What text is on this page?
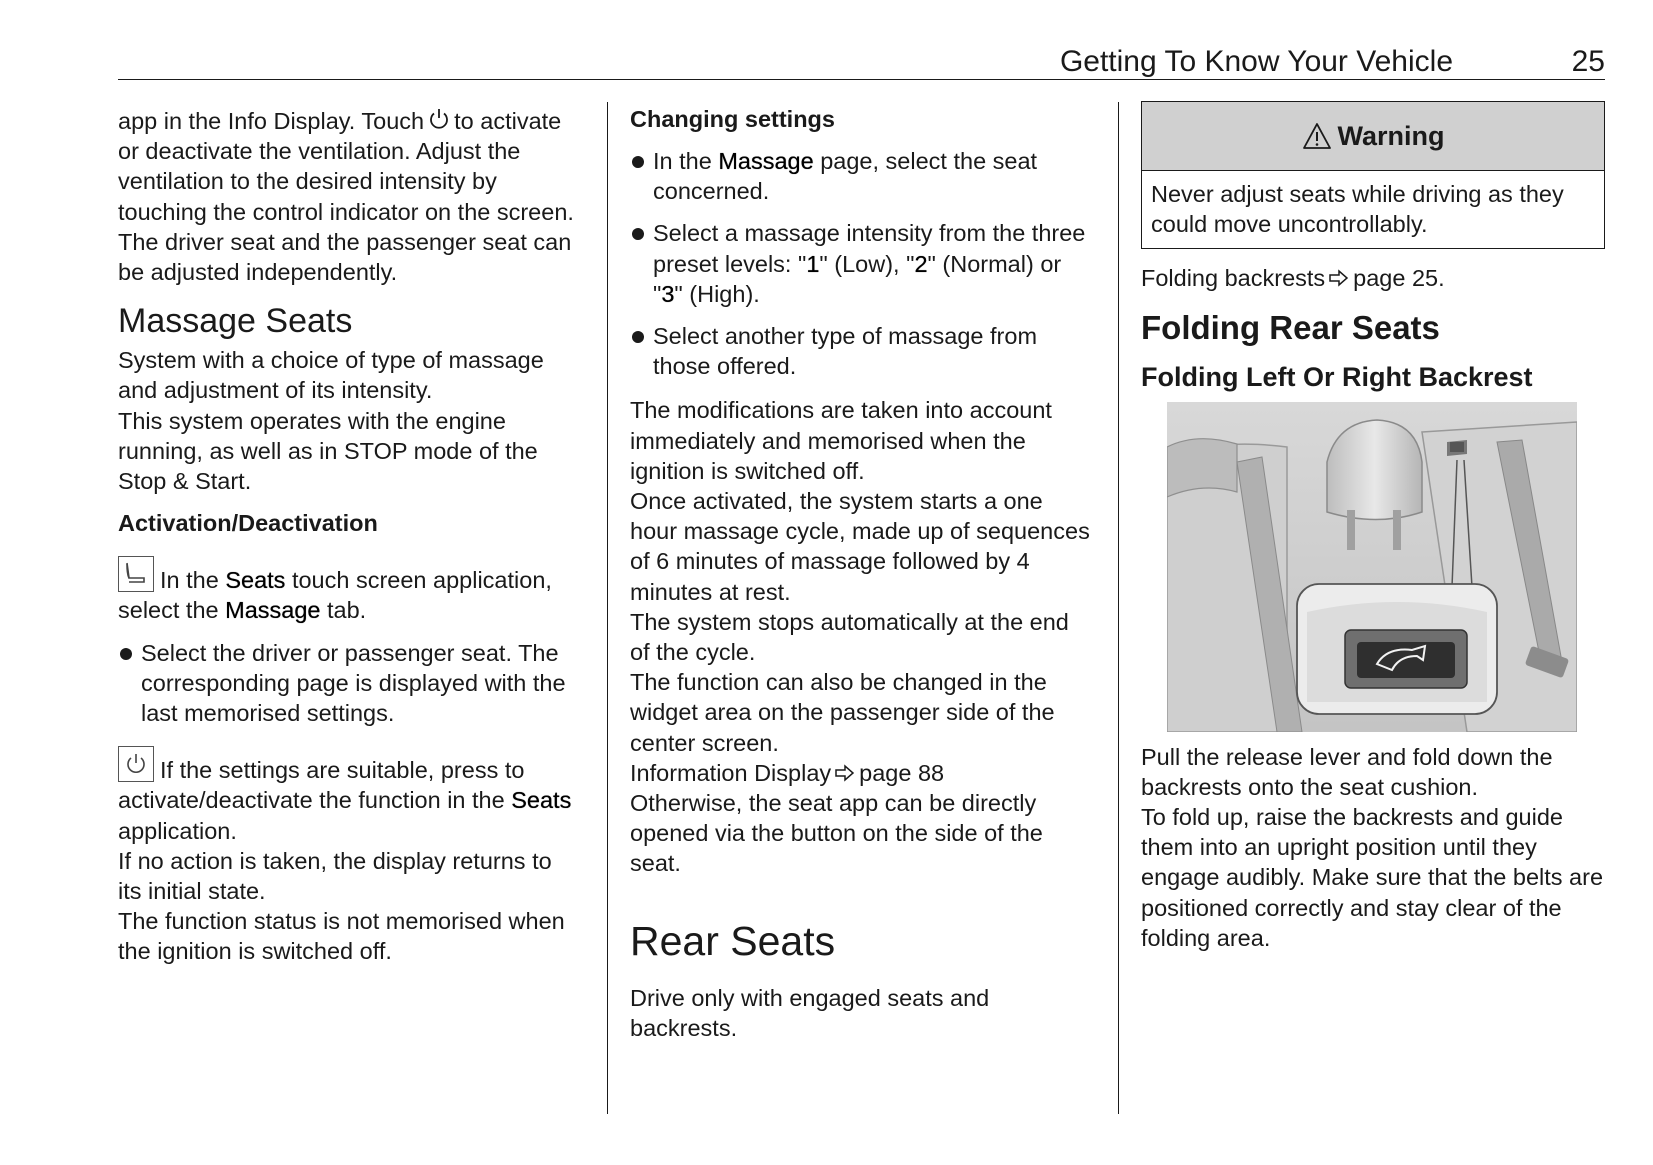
Getting To Know Your Vehicle	25

app in the Info Display. Touch to activate or deactivate the ventilation. Adjust the ventilation to the desired intensity by touching the control indicator on the screen. The driver seat and the passenger seat can be adjusted independently.

Massage Seats

System with a choice of type of massage and adjustment of its intensity.

This system operates with the engine running, as well as in STOP mode of the Stop & Start.

Activation/Deactivation

In the Seats touch screen application, select the Massage tab.

Select the driver or passenger seat. The corresponding page is displayed with the last memorised settings.

If the settings are suitable, press to activate/deactivate the function in the Seats application.

If no action is taken, the display returns to its initial state.

The function status is not memorised when the ignition is switched off.

Changing settings
In the Massage page, select the seat concerned.
Select a massage intensity from the three preset levels: "1" (Low), "2" (Normal) or "3" (High).
Select another type of massage from those offered.

The modifications are taken into account immediately and memorised when the ignition is switched off.

Once activated, the system starts a one hour massage cycle, made up of sequences of 6 minutes of massage followed by 4 minutes at rest.

The system stops automatically at the end of the cycle.

The function can also be changed in the widget area on the passenger side of the center screen.

Information Display page 88

Otherwise, the seat app can be directly opened via the button on the side of the seat.

Rear Seats

Drive only with engaged seats and backrests.

Warning
Never adjust seats while driving as they could move uncontrollably.

Folding backrests page 25.

Folding Rear Seats
Folding Left Or Right Backrest

Pull the release lever and fold down the backrests onto the seat cushion.

To fold up, raise the backrests and guide them into an upright position until they engage audibly. Make sure that the belts are positioned correctly and stay clear of the folding area.
